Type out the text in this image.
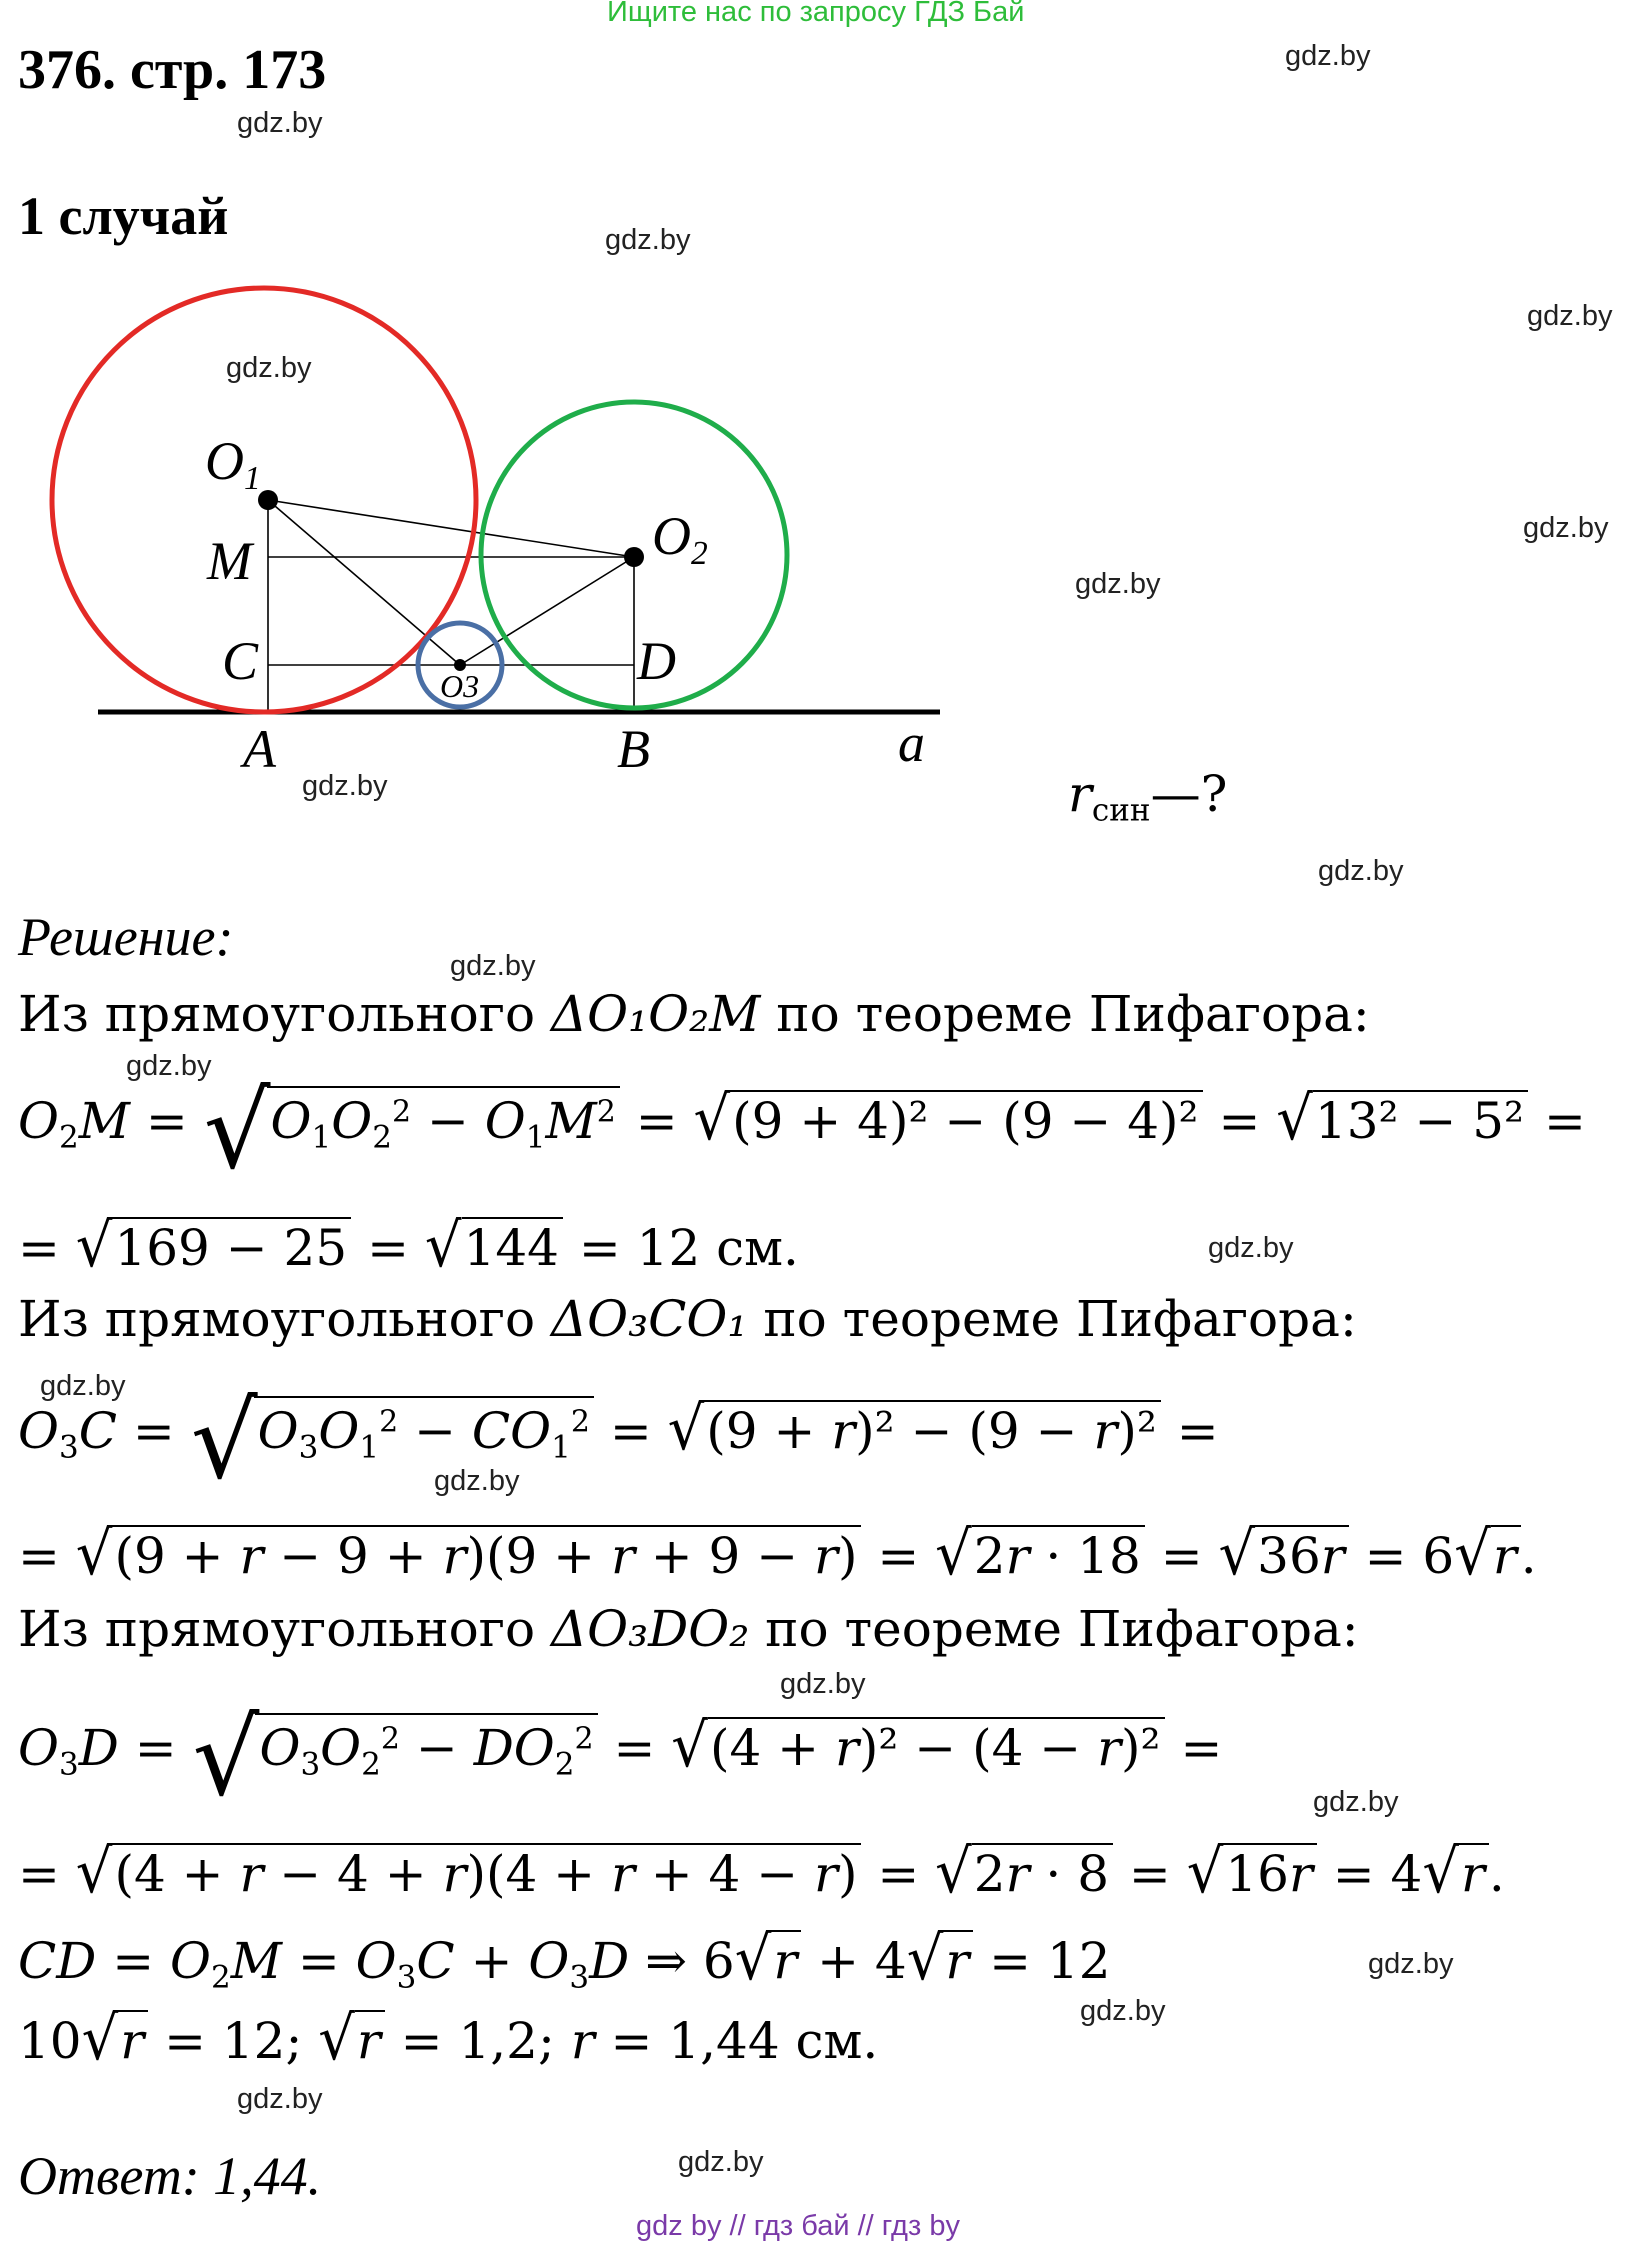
Ищите нас по запросу ГДЗ Бай
376. стр. 173
1 случай
gdz.by
gdz.by
gdz.by
gdz.by
gdz.by
gdz.by
gdz.by
gdz.by
gdz.by
gdz.by
gdz.by
gdz.by
gdz.by
gdz.by
gdz.by
gdz.by
gdz.by
gdz.by
gdz.by
gdz.by
$O_1$
$O_2$
O3
M
C	D
A	B	a
$r_{син}—$?
Решение:
Из прямоугольного ΔO₁O₂M по теореме Пифагора:
$O_2M = √O_1O_2^2 - O_1M^2 = √(9 + 4)^2 - (9 - 4)^2 = √13^2 - 5^2$ =
= √169 − 25 = √144 = 12 см.
Из прямоугольного ΔO₃CO₁ по теореме Пифагора:
$O_3C = √O_3O_1^2 - CO_1^2 = √(9 + r)^2 - (9 - r)^2$ =
= √(9 + r − 9 + r)(9 + r + 9 − r) = √2r · 18 = √36r = 6√r.
Из прямоугольного ΔO₃DO₂ по теореме Пифагора:
$O_3D = √O_3O_2^2 - DO_2^2 = √(4 + r)^2 - (4 - r)^2$ =
= √(4 + r − 4 + r)(4 + r + 4 − r) = √2r · 8 = √16r = 4√r.
CD = $O_2M = O_3C + O_3D$ ⇒ 6√r + 4√r = 12
10√r = 12; √r = 1,2; r = 1,44 см.
Ответ: 1,44.
gdz by // гдз бай // гдз by
